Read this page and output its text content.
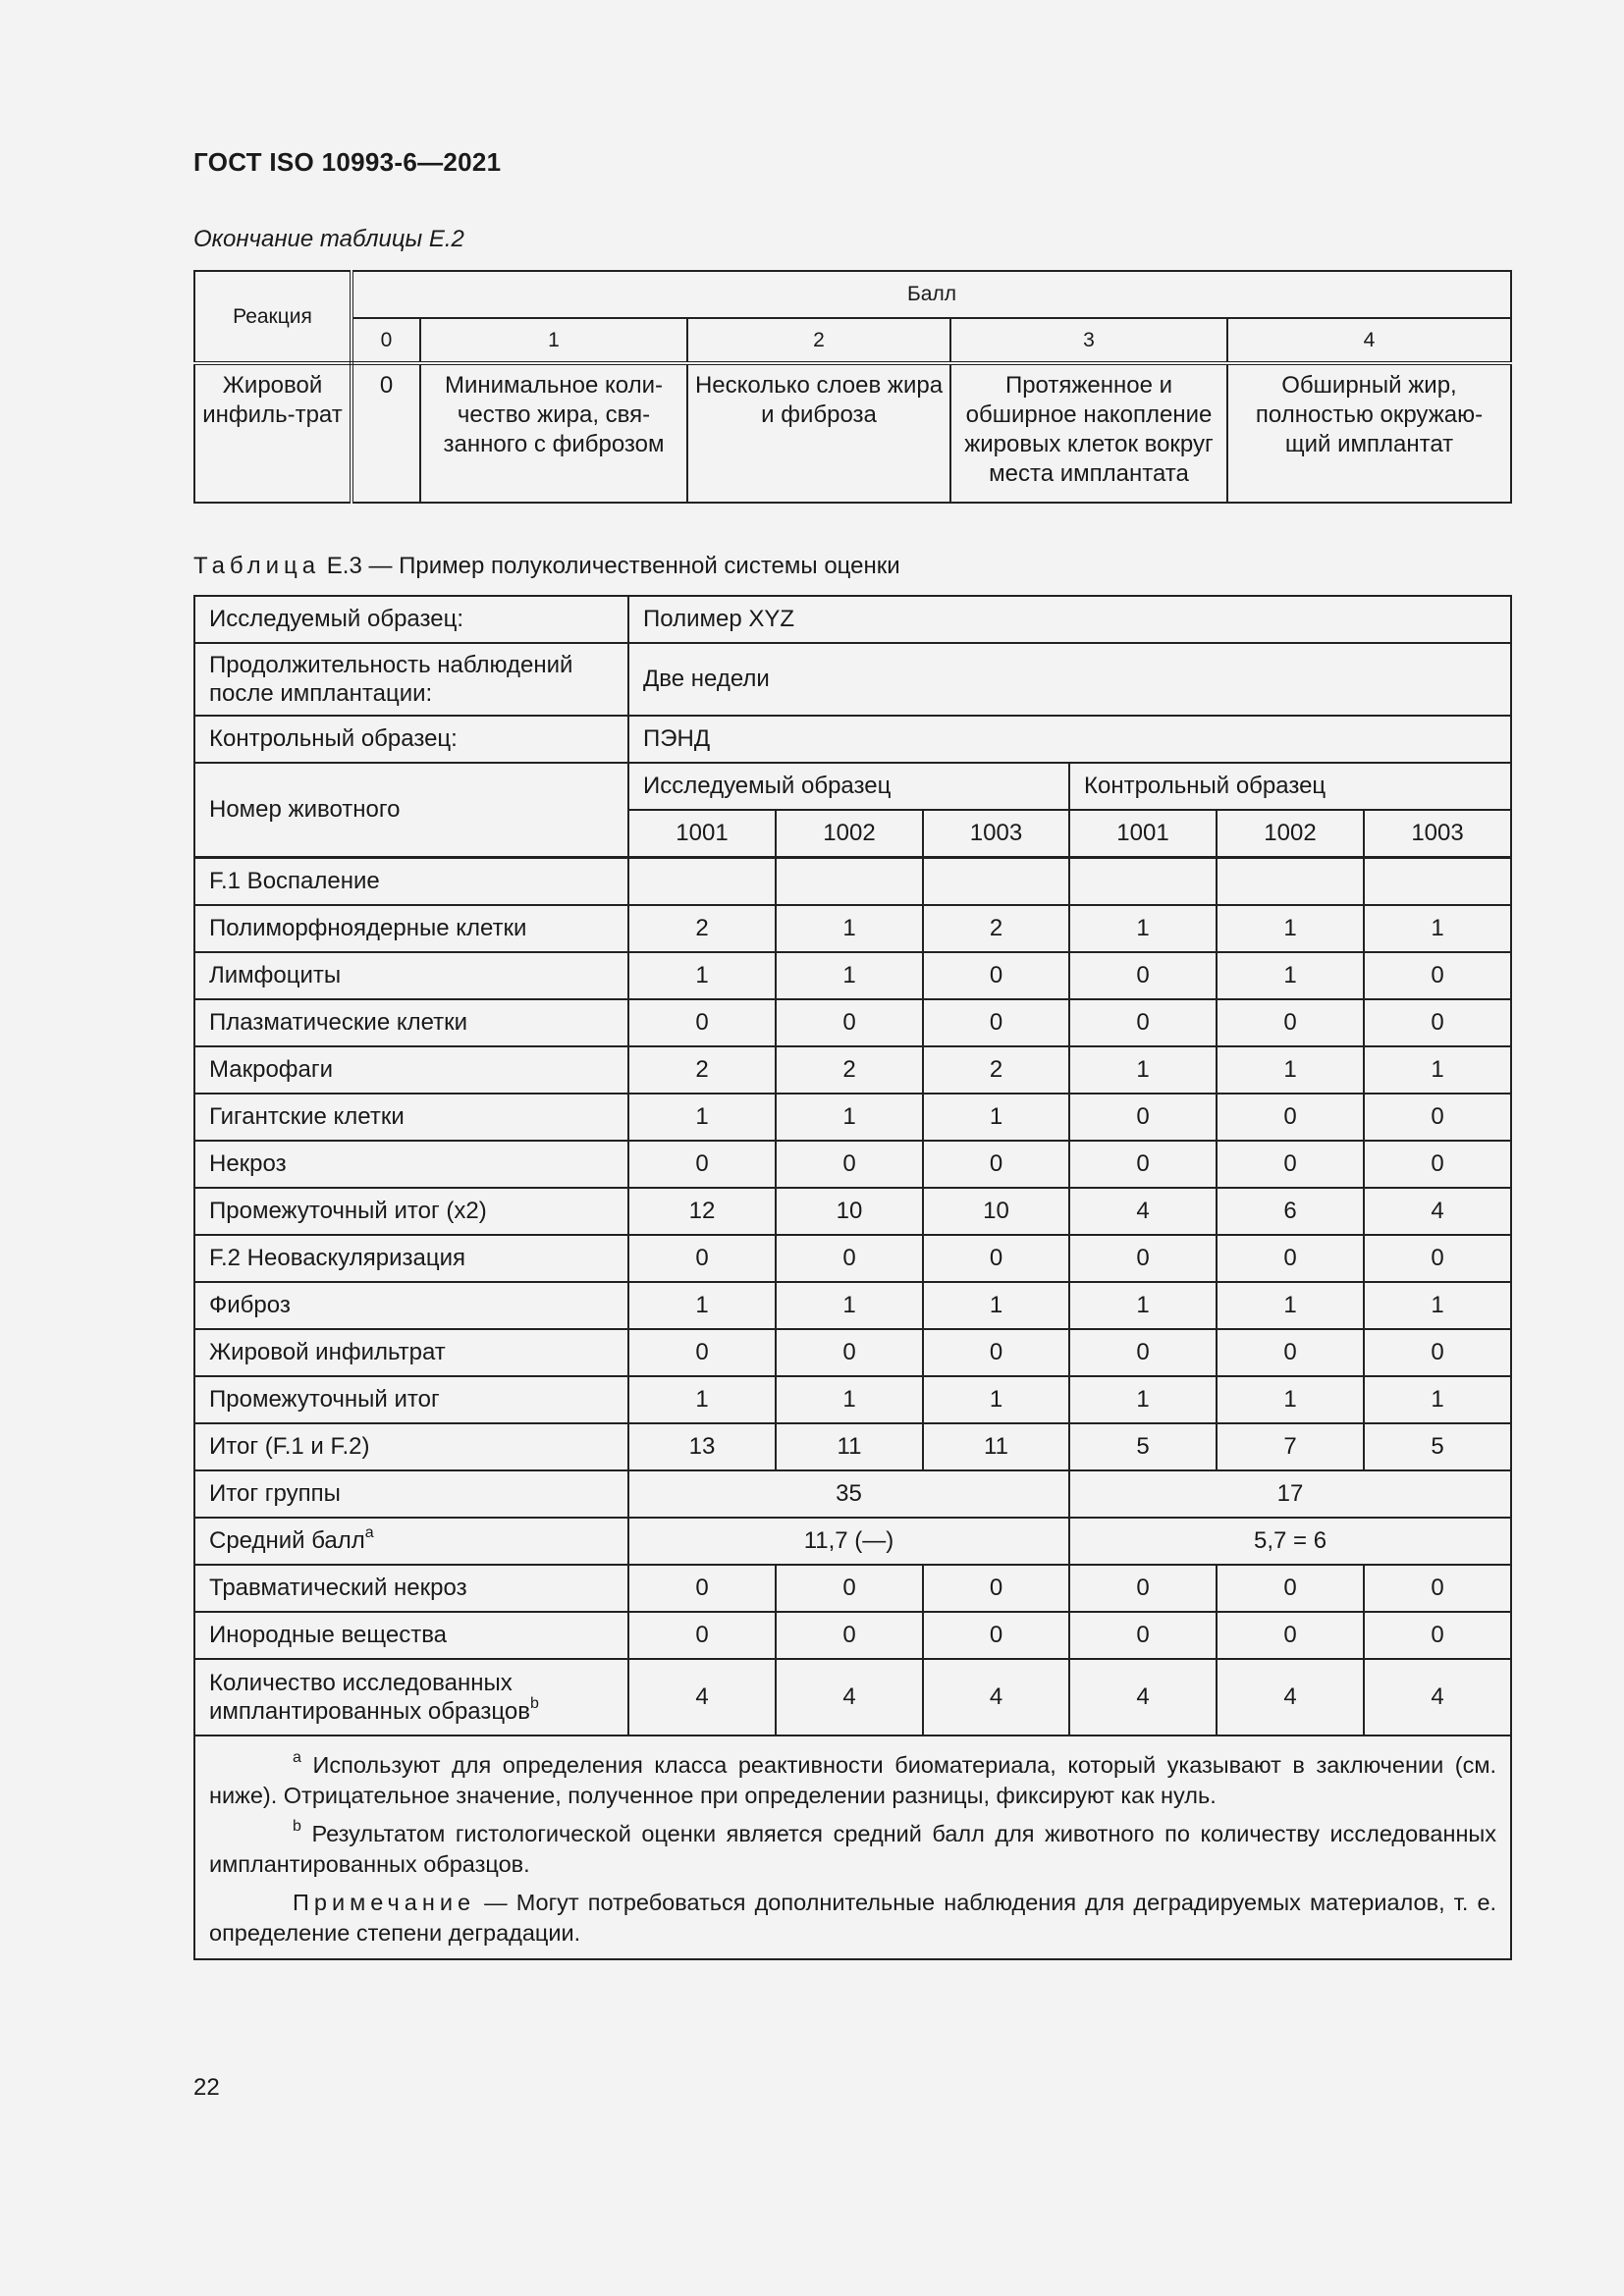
ГОСТ ISO 10993-6—2021
Окончание таблицы Е.2
Реакция	Балл				
	0	1	2	3	4
Жировой инфиль-трат	0	Минимальное коли-чество жира, свя-занного с фиброзом	Несколько слоев жира и фиброза	Протяженное и обширное накопление жировых клеток вокруг места имплантата	Обширный жир, полностью окружаю-щий имплантат
Таблица Е.3 — Пример полуколичественной системы оценки
Исследуемый образец:	Полимер XYZ					
Продолжительность наблюдений после имплантации:	Две недели					
Контрольный образец:	ПЭНД					
Номер животного	Исследуемый образец			Контрольный образец		
	1001	1002	1003	1001	1002	1003
F.1 Воспаление						
Полиморфноядерные клетки	2	1	2	1	1	1
Лимфоциты	1	1	0	0	1	0
Плазматические клетки	0	0	0	0	0	0
Макрофаги	2	2	2	1	1	1
Гигантские клетки	1	1	1	0	0	0
Некроз	0	0	0	0	0	0
Промежуточный итог (x2)	12	10	10	4	6	4
F.2 Неоваскуляризация	0	0	0	0	0	0
Фиброз	1	1	1	1	1	1
Жировой инфильтрат	0	0	0	0	0	0
Промежуточный итог	1	1	1	1	1	1
Итог (F.1 и F.2)	13	11	11	5	7	5
Итог группы	35			17		
Средний балл$^a$	11,7 (—)			5,7 = 6		
Травматический некроз	0	0	0	0	0	0
Инородные вещества	0	0	0	0	0	0
Количество исследованных
имплантированных образцов$^b$	4	4	4	4	4	4

$^a$ Используют для определения класса реактивности биоматериала, который указывают в заключении (см. ниже). Отрицательное значение, полученное при определении разницы, фиксируют как нуль.

$^b$ Результатом гистологической оценки является средний балл для животного по количеству исследованных имплантированных образцов.

Примечание — Могут потребоваться дополнительные наблюдения для деградируемых материалов, т. е. определение степени деградации.						

22
